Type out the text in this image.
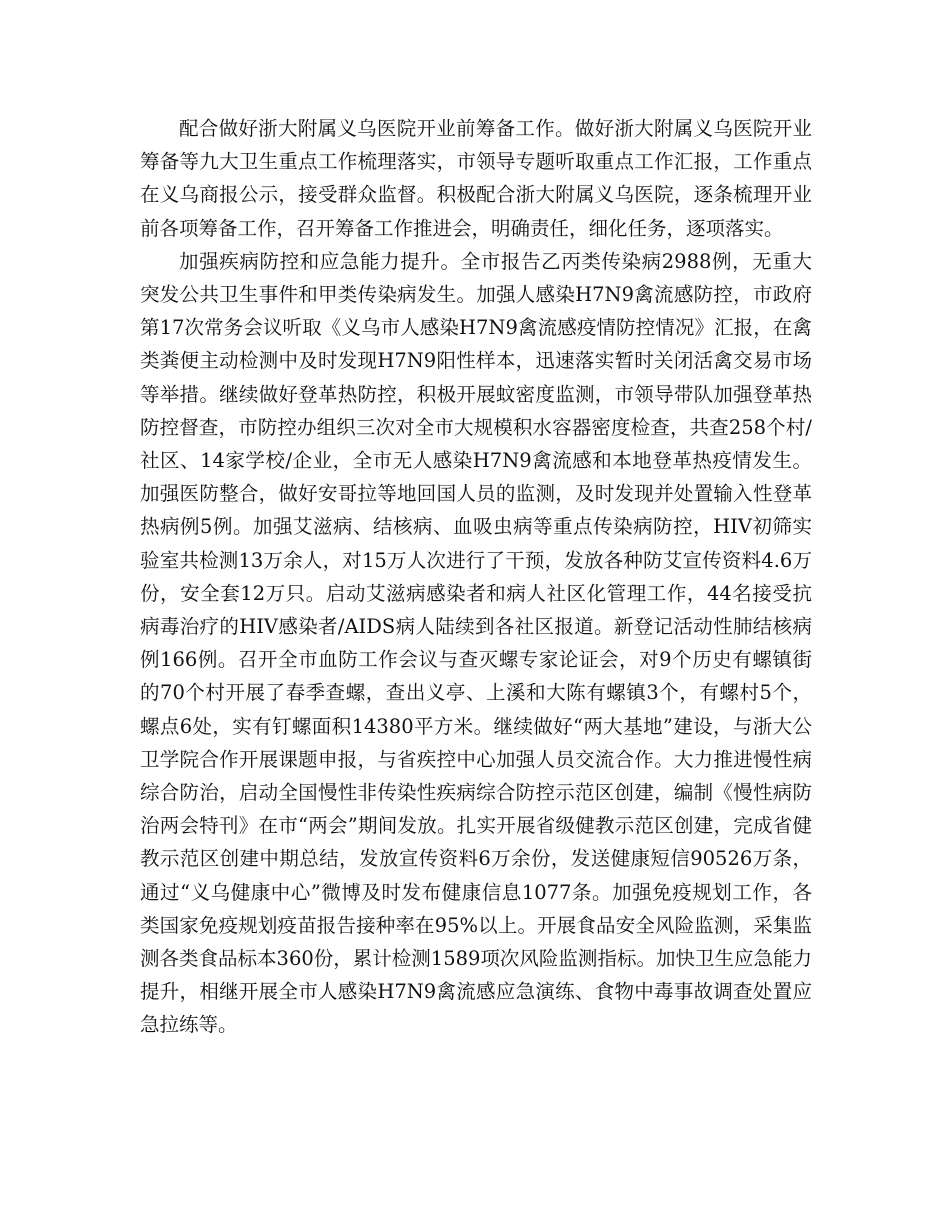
配合做好浙大附属义乌医院开业前筹备工作。做好浙大附属义乌医院开业筹备等九大卫生重点工作梳理落实，市领导专题听取重点工作汇报，工作重点在义乌商报公示，接受群众监督。积极配合浙大附属义乌医院，逐条梳理开业前各项筹备工作，召开筹备工作推进会，明确责任，细化任务，逐项落实。

加强疾病防控和应急能力提升。全市报告乙丙类传染病2988例，无重大突发公共卫生事件和甲类传染病发生。加强人感染H7N9禽流感防控，市政府第17次常务会议听取《义乌市人感染H7N9禽流感疫情防控情况》汇报，在禽类粪便主动检测中及时发现H7N9阳性样本，迅速落实暂时关闭活禽交易市场等举措。继续做好登革热防控，积极开展蚊密度监测，市领导带队加强登革热防控督查，市防控办组织三次对全市大规模积水容器密度检查，共查258个村/社区、14家学校/企业，全市无人感染H7N9禽流感和本地登革热疫情发生。加强医防整合，做好安哥拉等地回国人员的监测，及时发现并处置输入性登革热病例5例。加强艾滋病、结核病、血吸虫病等重点传染病防控，HIV初筛实验室共检测13万余人，对15万人次进行了干预，发放各种防艾宣传资料4.6万份，安全套12万只。启动艾滋病感染者和病人社区化管理工作，44名接受抗病毒治疗的HIV感染者/AIDS病人陆续到各社区报道。新登记活动性肺结核病例166例。召开全市血防工作会议与查灭螺专家论证会，对9个历史有螺镇街的70个村开展了春季查螺，查出义亭、上溪和大陈有螺镇3个，有螺村5个，螺点6处，实有钉螺面积14380平方米。继续做好“两大基地”建设，与浙大公卫学院合作开展课题申报，与省疾控中心加强人员交流合作。大力推进慢性病综合防治，启动全国慢性非传染性疾病综合防控示范区创建，编制《慢性病防治两会特刊》在市“两会”期间发放。扎实开展省级健教示范区创建，完成省健教示范区创建中期总结，发放宣传资料6万余份，发送健康短信90526万条，通过“义乌健康中心”微博及时发布健康信息1077条。加强免疫规划工作，各类国家免疫规划疫苗报告接种率在95%以上。开展食品安全风险监测，采集监测各类食品标本360份，累计检测1589项次风险监测指标。加快卫生应急能力提升，相继开展全市人感染H7N9禽流感应急演练、食物中毒事故调查处置应急拉练等。
